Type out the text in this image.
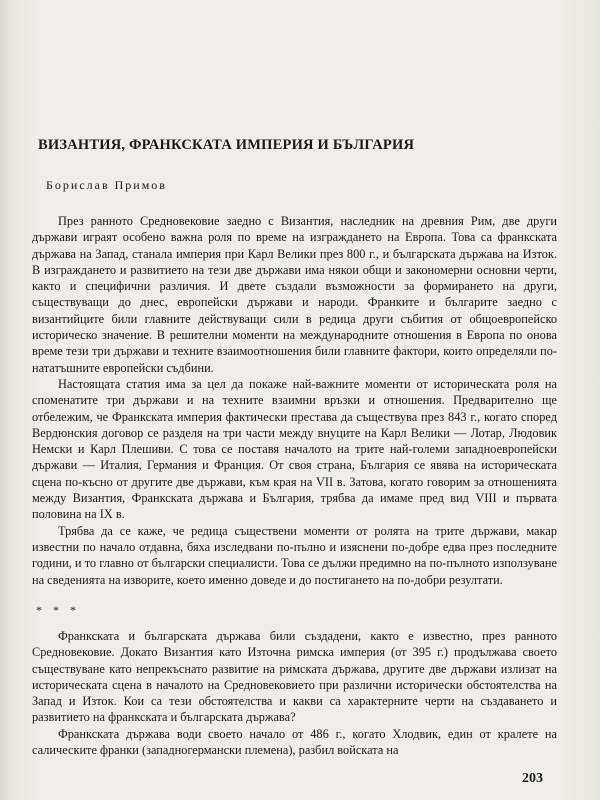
ВИЗАНТИЯ, ФРАНКСКАТА ИМПЕРИЯ И БЪЛГАРИЯ
Борислав Примов

През ранното Средновековие заедно с Византия, наследник на древния Рим, две други държави играят особено важна роля по време на изграждането на Европа. Това са франкската държава на Запад, станала империя при Карл Велики през 800 г., и българската държава на Изток. В изграждането и развитието на тези две държави има някои общи и закономерни основни черти, както и специфични различия. И двете създали възможности за формирането на други, съществуващи до днес, европейски държави и народи. Франките и българите заедно с византийците били главните действуващи сили в редица други събития от общоевропейско историческо значение. В решителни моменти на международните отношения в Европа по онова време тези три държави и техните взаимоотношения били главните фактори, които определяли по-нататъшните европейски съдбини.

Настоящата статия има за цел да покаже най-важните моменти от историческата роля на споменатите три държави и на техните взаимни връзки и отношения. Предварително ще отбележим, че Франкската империя фактически престава да съществува през 843 г., когато според Вердюнския договор се разделя на три части между внуците на Карл Велики — Лотар, Людовик Немски и Карл Плешиви. С това се поставя началото на трите най-големи западноевропейски държави — Италия, Германия и Франция. От своя страна, България се явява на историческата сцена по-късно от другите две държави, към края на VII в. Затова, когато говорим за отношенията между Византия, Франкската държава и България, трябва да имаме пред вид VIII и първата половина на IX в.

Трябва да се каже, че редица съществени моменти от ролята на трите държави, макар известни по начало отдавна, бяха изследвани по-пълно и изяснени по-добре едва през последните години, и то главно от български специалисти. Това се дължи предимно на по-пълното използуване на сведенията на изворите, което именно доведе и до постигането на по-добри резултати.

* * *

Франкската и българската държава били създадени, както е известно, през ранното Средновековие. Докато Византия като Източна римска империя (от 395 г.) продължава своето съществуване като непрекъснато развитие на римската държава, другите две държави излизат на историческата сцена в началото на Средновековието при различни исторически обстоятелства на Запад и Изток. Кои са тези обстоятелства и какви са характерните черти на създаването и развитието на франкската и българската държава?

Франкската държава води своето начало от 486 г., когато Хлодвик, един от кралете на салическите франки (западногермански племена), разбил войската на

203
